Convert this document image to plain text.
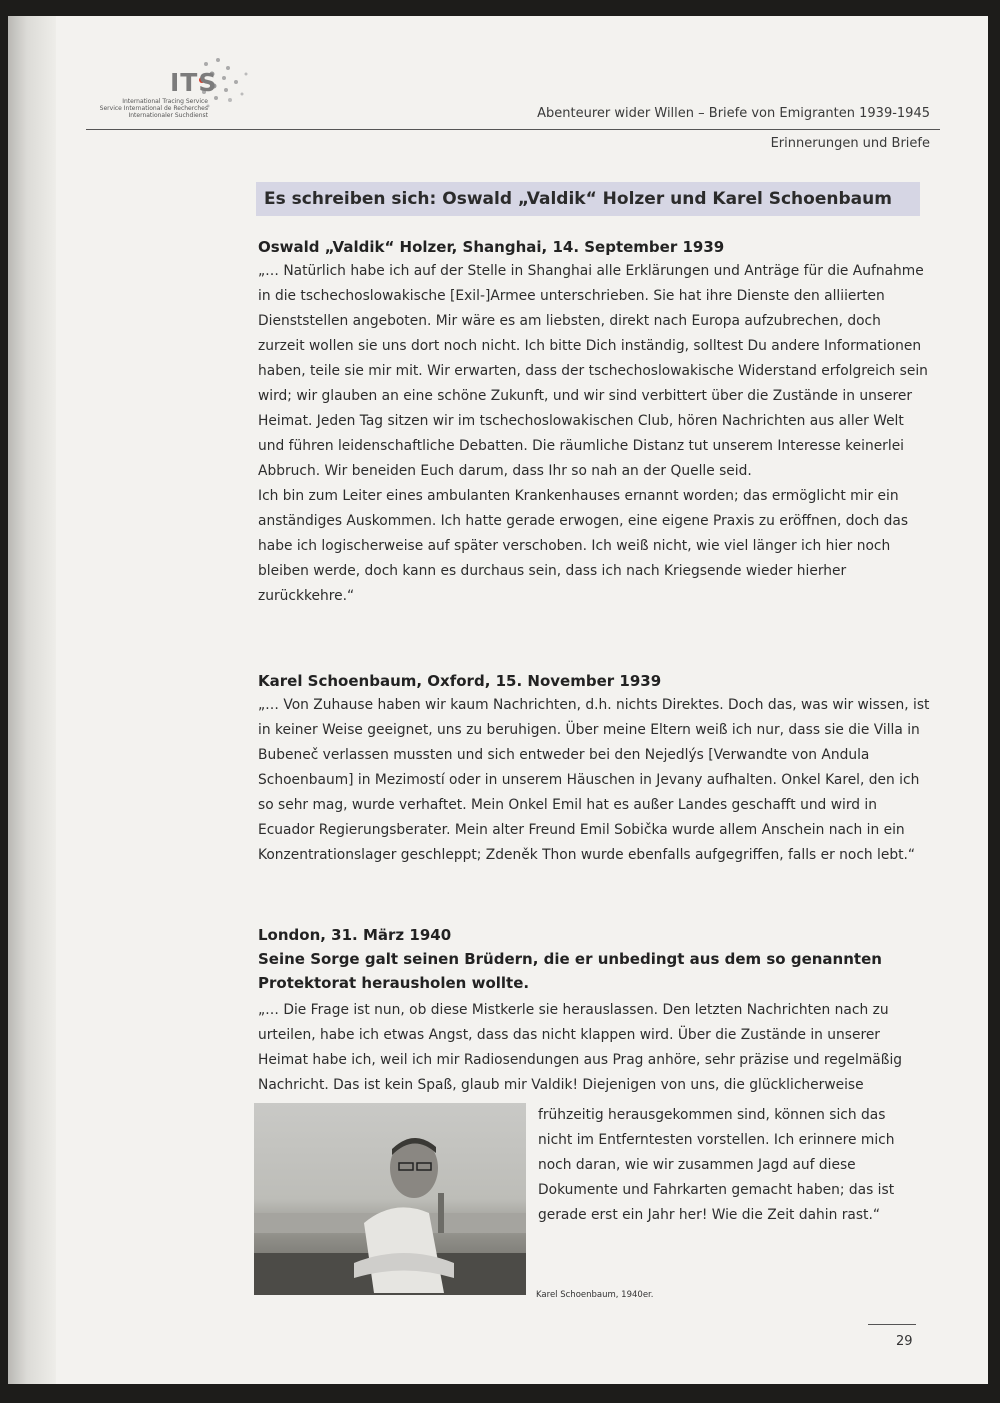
ITS
International Tracing Service
Service International de Recherches
Internationaler Suchdienst	Abenteurer wider Willen – Briefe von Emigranten 1939-1945
Erinnerungen und Briefe
Es schreiben sich: Oswald „Valdik“ Holzer und Karel Schoenbaum
Oswald „Valdik“ Holzer, Shanghai, 14. September 1939

„… Natürlich habe ich auf der Stelle in Shanghai alle Erklärungen und Anträge für die Aufnahme in die tschechoslowakische [Exil-]Armee unterschrieben. Sie hat ihre Dienste den alliierten Dienststellen angeboten. Mir wäre es am liebsten, direkt nach Europa aufzubrechen, doch zurzeit wollen sie uns dort noch nicht. Ich bitte Dich inständig, solltest Du andere Informationen haben, teile sie mir mit. Wir erwarten, dass der tschechoslowakische Widerstand erfolgreich sein wird; wir glauben an eine schöne Zukunft, und wir sind verbittert über die Zustände in unserer Heimat. Jeden Tag sitzen wir im tschechoslowakischen Club, hören Nachrichten aus aller Welt und führen leidenschaftliche Debatten. Die räumliche Distanz tut unserem Interesse keinerlei Abbruch. Wir beneiden Euch darum, dass Ihr so nah an der Quelle seid.

Ich bin zum Leiter eines ambulanten Krankenhauses ernannt worden; das ermöglicht mir ein anständiges Auskommen. Ich hatte gerade erwogen, eine eigene Praxis zu eröffnen, doch das habe ich logischerweise auf später verschoben. Ich weiß nicht, wie viel länger ich hier noch bleiben werde, doch kann es durchaus sein, dass ich nach Kriegsende wieder hierher zurückkehre.“

Karel Schoenbaum, Oxford, 15. November 1939

„… Von Zuhause haben wir kaum Nachrichten, d.h. nichts Direktes. Doch das, was wir wissen, ist in keiner Weise geeignet, uns zu beruhigen. Über meine Eltern weiß ich nur, dass sie die Villa in Bubeneč verlassen mussten und sich entweder bei den Nejedlýs [Verwandte von Andula Schoenbaum] in Mezimostí oder in unserem Häuschen in Jevany aufhalten. Onkel Karel, den ich so sehr mag, wurde verhaftet. Mein Onkel Emil hat es außer Landes geschafft und wird in Ecuador Regierungsberater. Mein alter Freund Emil Sobička wurde allem Anschein nach in ein Konzentrationslager geschleppt; Zdeněk Thon wurde ebenfalls aufgegriffen, falls er noch lebt.“

London, 31. März 1940
Seine Sorge galt seinen Brüdern, die er unbedingt aus dem so genannten Protektorat herausholen wollte.

„… Die Frage ist nun, ob diese Mistkerle sie herauslassen. Den letzten Nachrichten nach zu urteilen, habe ich etwas Angst, dass das nicht klappen wird. Über die Zustände in unserer Heimat habe ich, weil ich mir Radiosendungen aus Prag anhöre, sehr präzise und regelmäßig Nachricht. Das ist kein Spaß, glaub mir Valdik! Diejenigen von uns, die glücklicherweise

frühzeitig herausgekommen sind, können sich das nicht im Entferntesten vorstellen. Ich erinnere mich noch daran, wie wir zusammen Jagd auf diese Dokumente und Fahrkarten gemacht haben; das ist gerade erst ein Jahr her! Wie die Zeit dahin rast.“
Karel Schoenbaum, 1940er.
29
